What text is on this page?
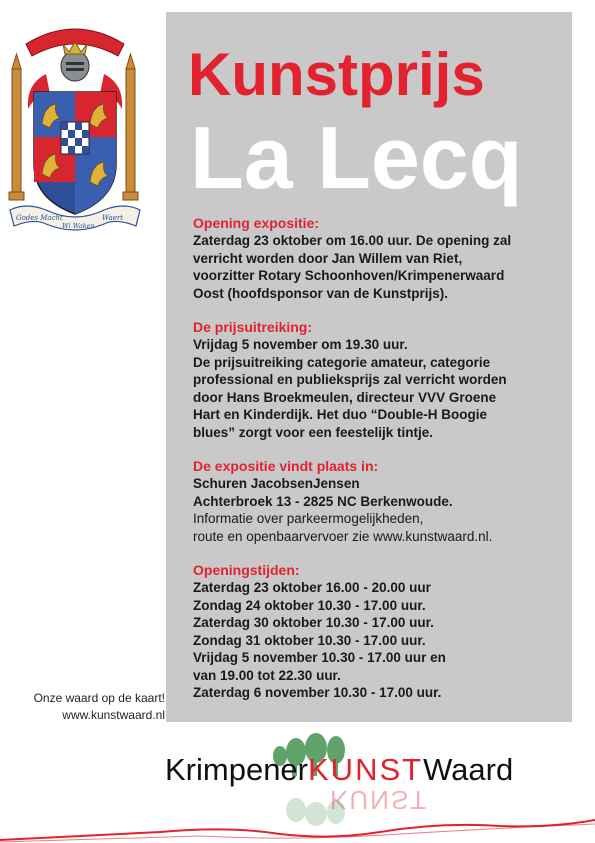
Kunstprijs
La Lecq
Godes Macht	Waert
Wi Waken	Opening expositie:
Zaterdag 23 oktober om 16.00 uur. De opening zal
verricht worden door Jan Willem van Riet,
voorzitter Rotary Schoonhoven/Krimpenerwaard
Oost (hoofdsponsor van de Kunstprijs).
De prijsuitreiking:
Vrijdag 5 november om 19.30 uur.
De prijsuitreiking categorie amateur, categorie
professional en publieksprijs zal verricht worden
door Hans Broekmeulen, directeur VVV Groene
Hart en Kinderdijk. Het duo “Double-H Boogie
blues” zorgt voor een feestelijk tintje.
De expositie vindt plaats in:
Schuren JacobsenJensen
Achterbroek 13 - 2825 NC Berkenwoude.
Informatie over parkeermogelijkheden,
route en openbaarvervoer zie www.kunstwaard.nl.
Openingstijden:
Zaterdag 23 oktober 16.00 - 20.00 uur
Zondag 24 oktober 10.30 - 17.00 uur.
Zaterdag 30 oktober 10.30 - 17.00 uur.
Zondag 31 oktober 10.30 - 17.00 uur.
Vrijdag 5 november 10.30 - 17.00 uur en
van 19.00 tot 22.30 uur.
Zaterdag 6 november 10.30 - 17.00 uur.
Onze waard op de kaart!
www.kunstwaard.nl
KrimpenerKUNSTWaard
KUNST
